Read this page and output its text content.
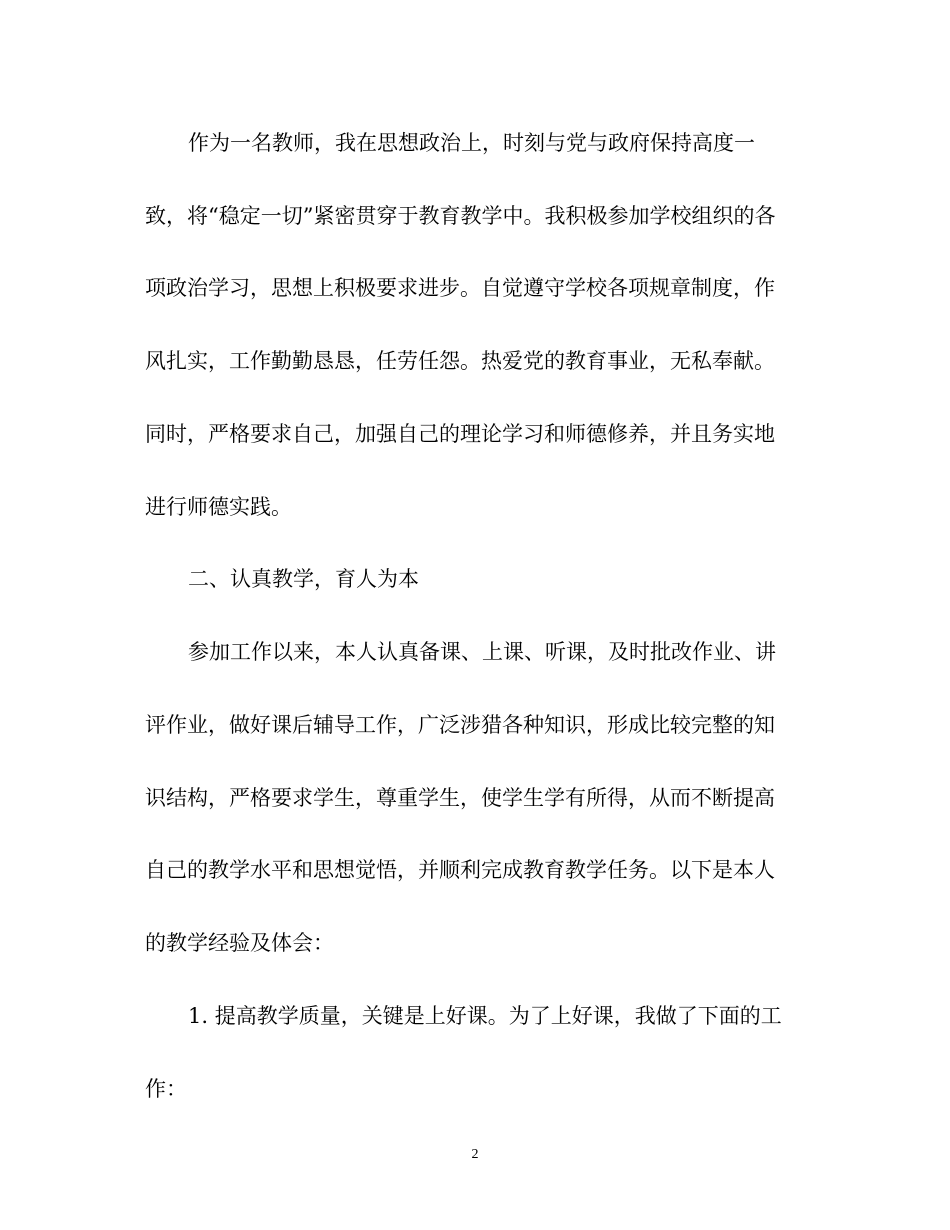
作为一名教师，我在思想政治上，时刻与党与政府保持高度一
致，将“稳定一切”紧密贯穿于教育教学中。我积极参加学校组织的各
项政治学习，思想上积极要求进步。自觉遵守学校各项规章制度，作
风扎实，工作勤勤恳恳，任劳任怨。热爱党的教育事业，无私奉献。
同时，严格要求自己，加强自己的理论学习和师德修养，并且务实地
进行师德实践。
二、认真教学，育人为本
参加工作以来，本人认真备课、上课、听课，及时批改作业、讲
评作业，做好课后辅导工作，广泛涉猎各种知识，形成比较完整的知
识结构，严格要求学生，尊重学生，使学生学有所得，从而不断提高
自己的教学水平和思想觉悟，并顺利完成教育教学任务。以下是本人
的教学经验及体会：
1. 提高教学质量，关键是上好课。为了上好课，我做了下面的工
作：
2
